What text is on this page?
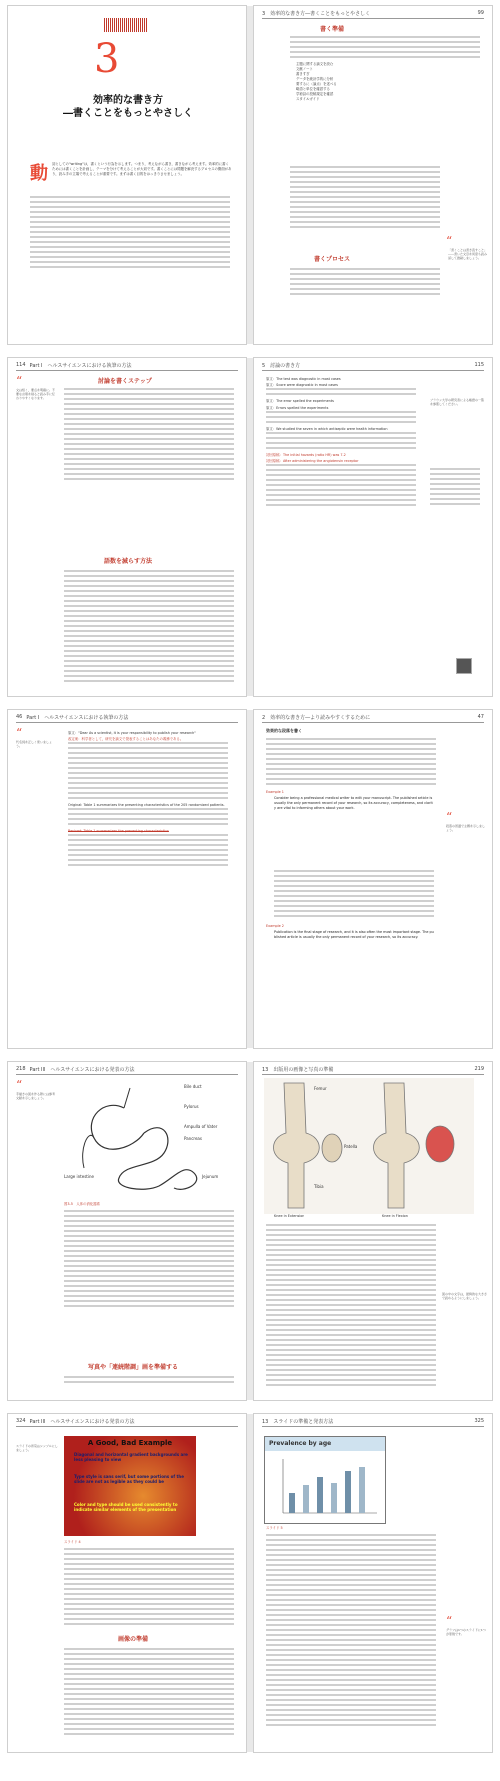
3
効率的な書き方
―書くことをもっとやさしく
動 詞としての"writing"は，書くという行為を示します。つまり，考えながら書き，書きながら考えます。効率的に書くためには書くことを計画し，テーマを分けて考えることが大切です。書くことには問題を解決するプロセスの側面があり，読み手の立場で考えることが重要です。まずは書く目的をはっきりさせましょう。
3　効率的な書き方―書くことをもっとやさしく	99
書く準備
主題に関する論文を読む
文献ノート
書きすぎ
データを統計学的に分析
要するに（論点）を述べる
略語と単位を確認する
学術誌の投稿規定を確認
スタイルガイド
“
「書くことは書き直すこと」――書いた文章を何度も読み返して推敲しましょう。
書くプロセス
114 Part I　ヘルスサイエンスにおける執筆の方法
“
文は短く，要点を明確に。不要な言葉を削ると読み手に伝わりやすくなります。
討論を書くステップ
語数を減らす方法
5　討論の書き方	115
原文：The test was diagnostic in most cases
原文：Score were diagnostic in most cases
原文：The error spelled the experiments
原文：Errors spelled the experiments
原文：We studied the seven in which antiseptic were health information
初回原稿：The initial hazards (ratio HR) was 7.2
初回原稿：After administering the angiotensin receptor
ブラウン大学の研究者による略語の一覧を参照してください。
46 Part I　ヘルスサイエンスにおける執筆の方法
“
代名詞を正しく使いましょう。
原文："Dear As a scientist, it is your responsibility to publish your research"
改定案：科学者として，研究を論文で発表することはあなたの義務である。
Original: Table 1 summarizes the presenting characteristics of the 205 randomized patients.
Revised: Table 1 summarizes the presenting characteristics
2　効率的な書き方―より読みやすくするために	47
効果的な段落を書く
Example 1
Consider being a professional medical writer to edit your manuscript. The published article is usually the only permanent record of your research, so its accuracy, completeness, and clarity are vital to informing others about your work.
Example 2
Publication is the final stage of research, and it is also often the most important stage. The published article is usually the only permanent record of your research, so its accuracy.
“
段落の冒頭で主題を示しましょう。
218 Part III　ヘルスサイエンスにおける発表の方法
“
手描きの図を作る際には参考文献を示しましょう。
Bile duct
Pylorus
Ampulla of Vater
Pancreas
Jejunum
Large intestine
図3-5　人体の消化器系
写真や「連続階調」画を準備する
13　出版用の画像と写真の準備	219
Femur
Tibia
Patella
Knee in Extension	Knee in Flexion
図の中の文字は，最終的な大きさで読めるようにしましょう。
324 Part III　ヘルスサイエンスにおける発表の方法
A Good, Bad Example
Diagonal and horizontal gradient backgrounds are less pleasing to view
Type style is sans serif, but some portions of the slide are not as legible as they could be
Color and type should be used consistently to indicate similar elements of the presentation
スライドの背景はシンプルにしましょう。
スライド 4
画像の準備
13　スライドの準備と発表方法	325
Prevalence by age
スライド 5
“
グラフは1つのスライドに1つが原則です。
